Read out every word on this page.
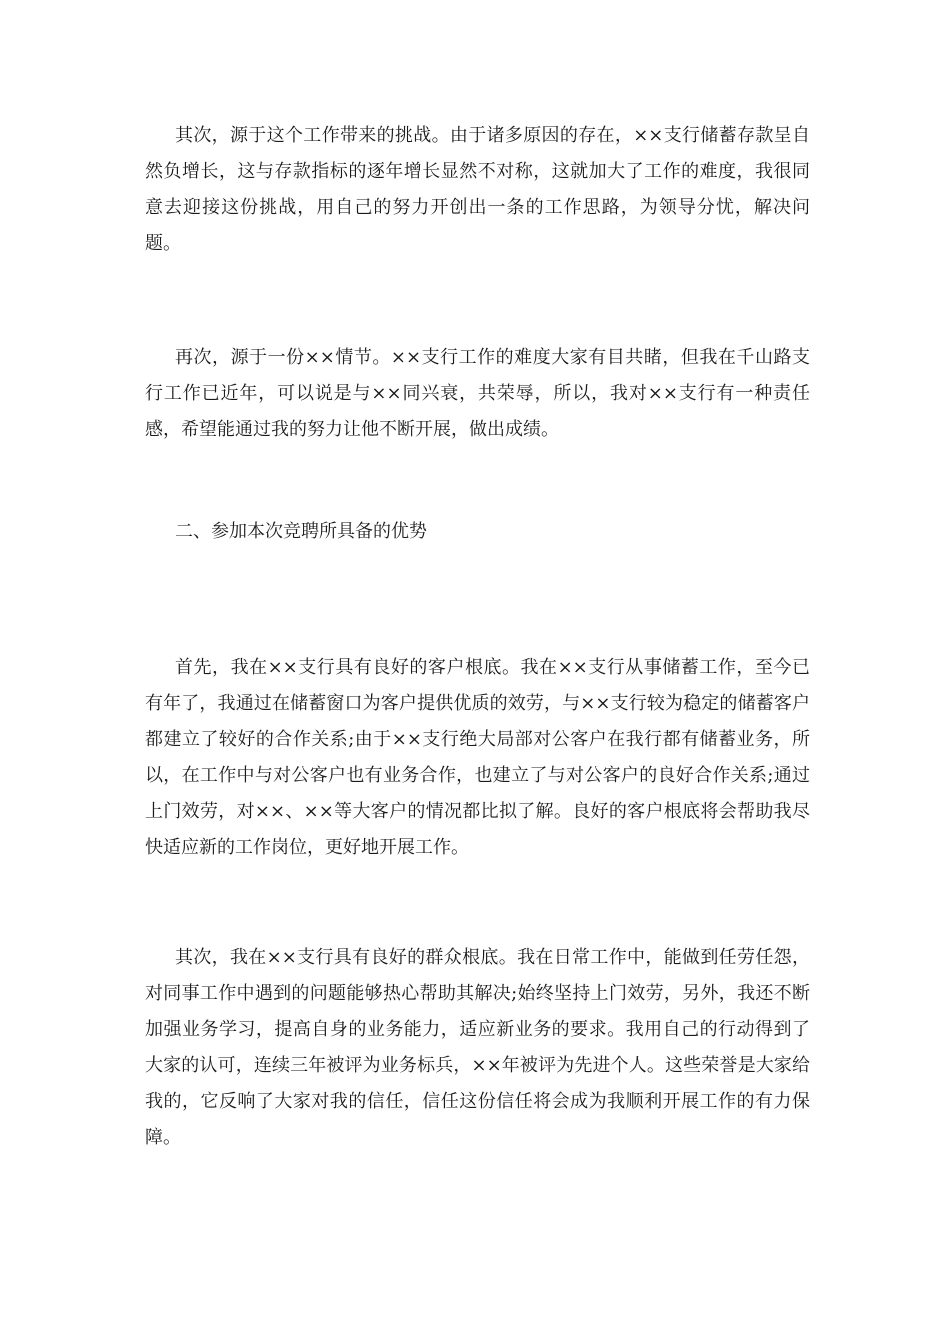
其次，源于这个工作带来的挑战。由于诸多原因的存在，××支行储蓄存款呈自然负增长，这与存款指标的逐年增长显然不对称，这就加大了工作的难度，我很同意去迎接这份挑战，用自己的努力开创出一条的工作思路，为领导分忧，解决问题。

再次，源于一份××情节。××支行工作的难度大家有目共睹，但我在千山路支行工作已近年，可以说是与××同兴衰，共荣辱，所以，我对××支行有一种责任感，希望能通过我的努力让他不断开展，做出成绩。

二、参加本次竞聘所具备的优势

首先，我在××支行具有良好的客户根底。我在××支行从事储蓄工作，至今已有年了，我通过在储蓄窗口为客户提供优质的效劳，与××支行较为稳定的储蓄客户都建立了较好的合作关系;由于××支行绝大局部对公客户在我行都有储蓄业务，所以，在工作中与对公客户也有业务合作，也建立了与对公客户的良好合作关系;通过上门效劳，对××、××等大客户的情况都比拟了解。良好的客户根底将会帮助我尽快适应新的工作岗位，更好地开展工作。

其次，我在××支行具有良好的群众根底。我在日常工作中，能做到任劳任怨，对同事工作中遇到的问题能够热心帮助其解决;始终坚持上门效劳，另外，我还不断加强业务学习，提高自身的业务能力，适应新业务的要求。我用自己的行动得到了大家的认可，连续三年被评为业务标兵，××年被评为先进个人。这些荣誉是大家给我的，它反响了大家对我的信任，信任这份信任将会成为我顺利开展工作的有力保障。
